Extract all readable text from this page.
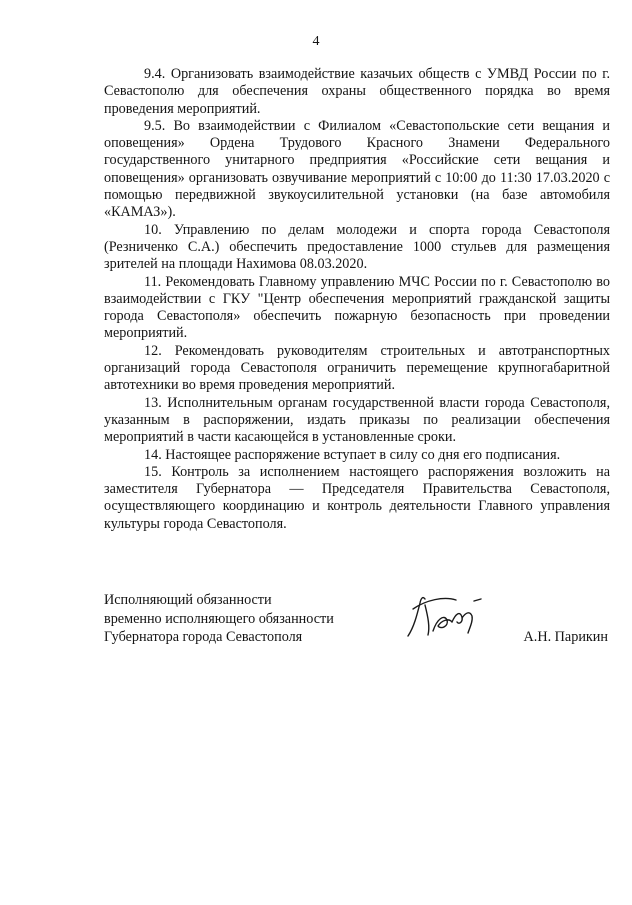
4

9.4. Организовать взаимодействие казачьих обществ с УМВД России по г. Севастополю для обеспечения охраны общественного порядка во время проведения мероприятий.

9.5. Во взаимодействии с Филиалом «Севастопольские сети вещания и оповещения» Ордена Трудового Красного Знамени Федерального государственного унитарного предприятия «Российские сети вещания и оповещения» организовать озвучивание мероприятий с 10:00 до 11:30 17.03.2020 с помощью передвижной звукоусилительной установки (на базе автомобиля «КАМАЗ»).

10. Управлению по делам молодежи и спорта города Севастополя (Резниченко С.А.) обеспечить предоставление 1000 стульев для размещения зрителей на площади Нахимова 08.03.2020.

11. Рекомендовать Главному управлению МЧС России по г. Севастополю во взаимодействии с ГКУ "Центр обеспечения мероприятий гражданской защиты города Севастополя» обеспечить пожарную безопасность при проведении мероприятий.

12. Рекомендовать руководителям строительных и автотранспортных организаций города Севастополя ограничить перемещение крупногабаритной автотехники во время проведения мероприятий.

13. Исполнительным органам государственной власти города Севастополя, указанным в распоряжении, издать приказы по реализации обеспечения мероприятий в части касающейся в установленные сроки.

14. Настоящее распоряжение вступает в силу со дня его подписания.

15. Контроль за исполнением настоящего распоряжения возложить на заместителя Губернатора — Председателя Правительства Севастополя, осуществляющего координацию и контроль деятельности Главного управления культуры города Севастополя.

Исполняющий обязанности
временно исполняющего обязанности
Губернатора города Севастополя	А.Н. Парикин
